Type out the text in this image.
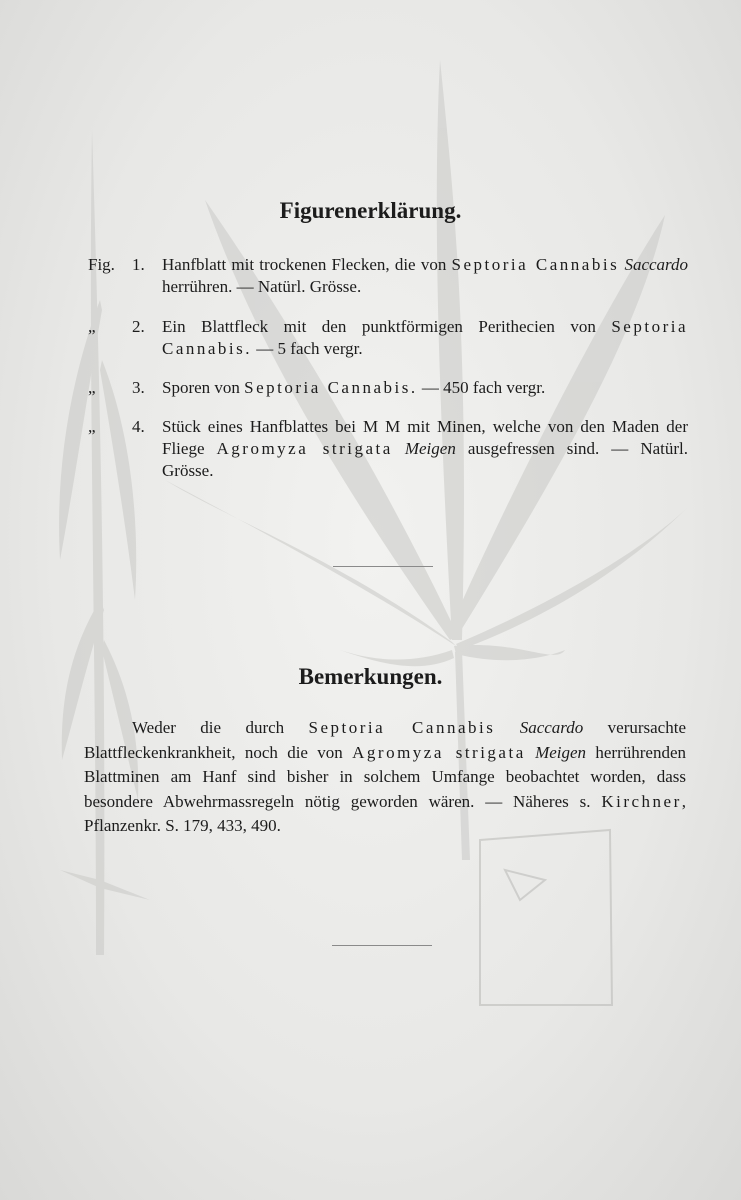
Figurenerklärung.
Fig. 1. Hanfblatt mit trockenen Flecken, die von Septoria Cannabis Saccardo herrühren. — Natürl. Grösse.
„	2. Ein Blattfleck mit den punktförmigen Perithecien von Septoria Cannabis. — 5 fach vergr.
„	3. Sporen von Septoria Cannabis. — 450 fach vergr.
„	4. Stück eines Hanfblattes bei M M mit Minen, welche von den Maden der Fliege Agromyza strigata Meigen ausgefressen sind. — Natürl. Grösse.
Bemerkungen.

Weder die durch Septoria Cannabis Saccardo verursachte Blattfleckenkrankheit, noch die von Agromyza strigata Meigen herrührenden Blattminen am Hanf sind bisher in solchem Umfange beobachtet worden, dass besondere Abwehrmassregeln nötig geworden wären. — Näheres s. Kirchner, Pflanzenkr. S. 179, 433, 490.
